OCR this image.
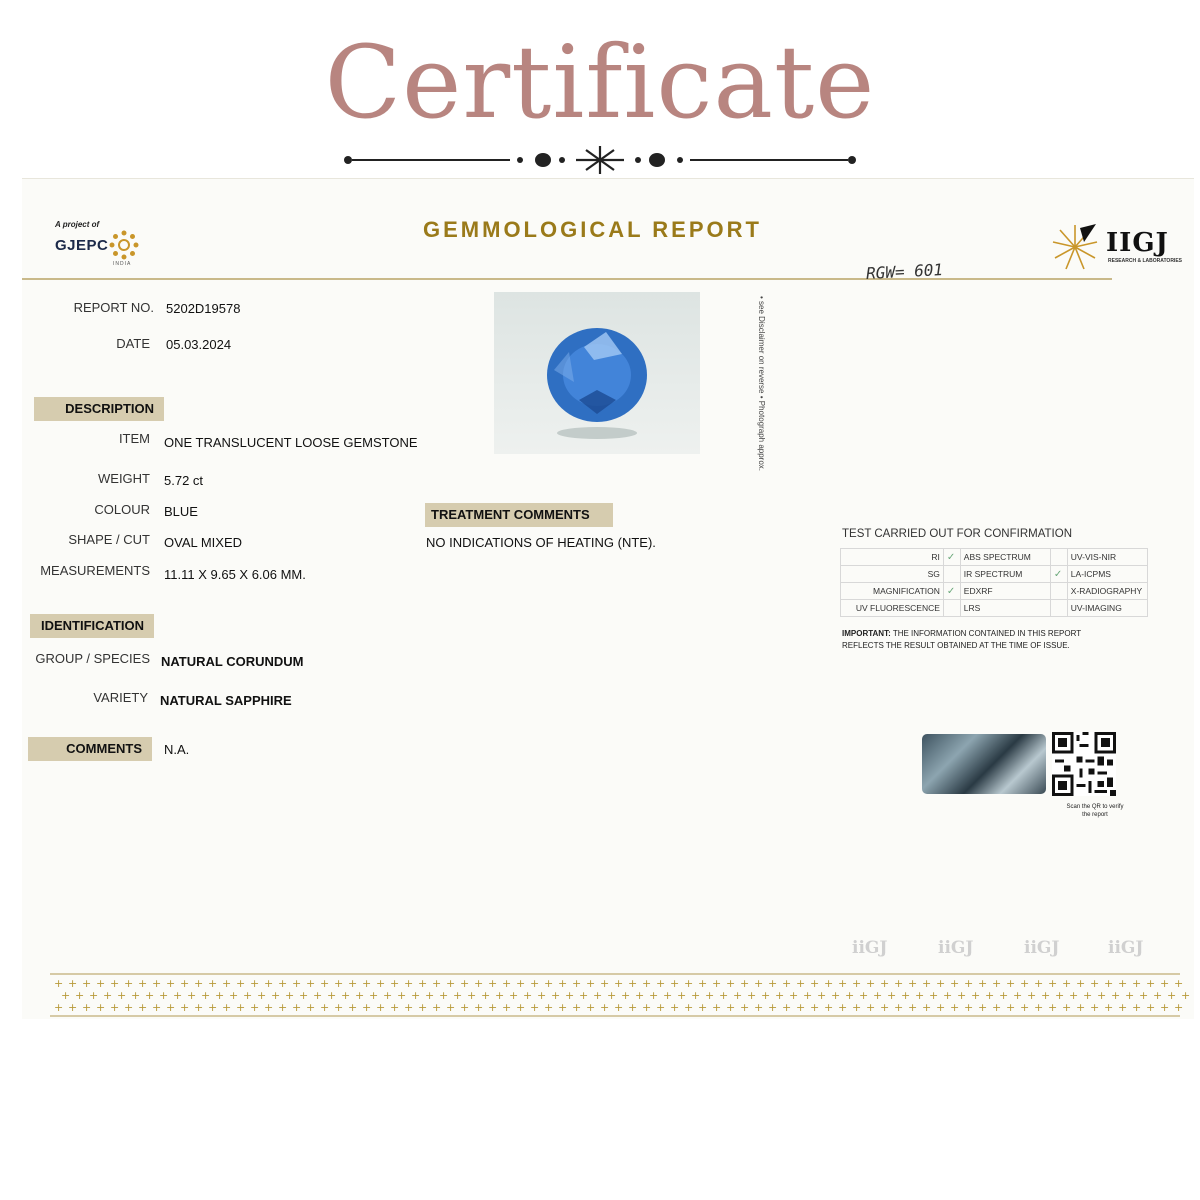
Certificate
A project of
GJEPC
INDIA
GEMMOLOGICAL REPORT	IIGJ
RESEARCH & LABORATORIES
RGW= 601
REPORT NO. 5202D19578
DATE 05.03.2024
DESCRIPTION
ITEM ONE TRANSLUCENT LOOSE GEMSTONE
WEIGHT 5.72 ct
COLOUR BLUE
SHAPE / CUT OVAL MIXED
MEASUREMENTS 11.11 X 9.65 X 6.06 MM.
IDENTIFICATION
GROUP / SPECIES NATURAL CORUNDUM
VARIETY NATURAL SAPPHIRE
COMMENTS	N.A.
• see Disclaimer on reverse • Photograph approx.
TREATMENT COMMENTS
NO INDICATIONS OF HEATING (NTE).
TEST CARRIED OUT FOR CONFIRMATION
RI	✓	ABS SPECTRUM		UV-VIS-NIR
SG		IR SPECTRUM	✓	LA-ICPMS
MAGNIFICATION	✓	EDXRF		X-RADIOGRAPHY
UV FLUORESCENCE		LRS		UV-IMAGING
IMPORTANT: THE INFORMATION CONTAINED IN THIS REPORT REFLECTS THE RESULT OBTAINED AT THE TIME OF ISSUE.
Scan the QR to verify the report
iiGJ	iiGJ	iiGJ	iiGJ
+ + + + + + + + + + + + + + + + + + + + + + + + + + + + + + + + + + + + + + + + + + + + + + + + + + + + + + + + + + + + + + + + + + + + + + + + + + + + + + + + +
+ + + + + + + + + + + + + + + + + + + + + + + + + + + + + + + + + + + + + + + + + + + + + + + + + + + + + + + + + + + + + + + + + + + + + + + + + + + + + + + + +
+ + + + + + + + + + + + + + + + + + + + + + + + + + + + + + + + + + + + + + + + + + + + + + + + + + + + + + + + + + + + + + + + + + + + + + + + + + + + + + + + +
